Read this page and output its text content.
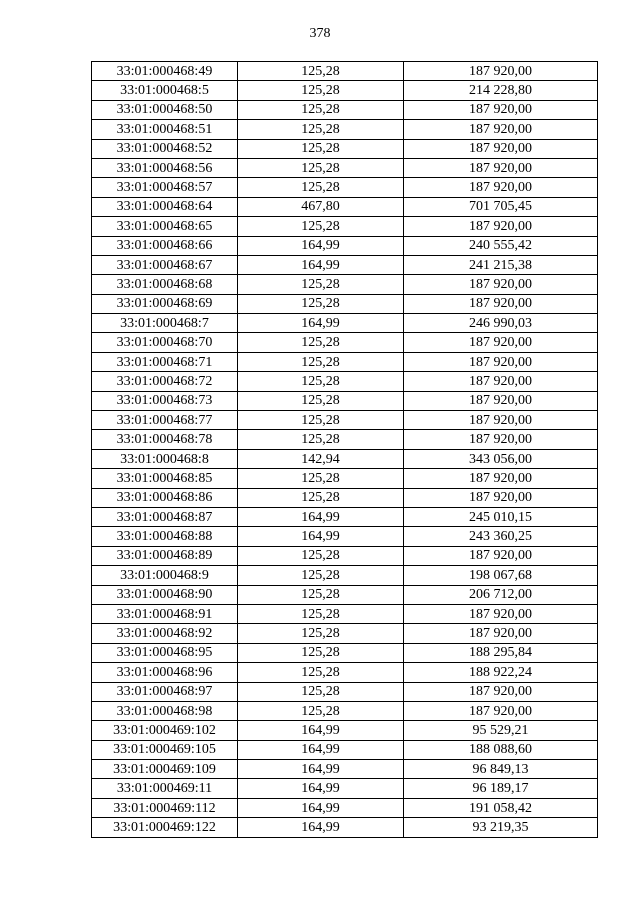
378
33:01:000468:49	125,28	187 920,00
33:01:000468:5	125,28	214 228,80
33:01:000468:50	125,28	187 920,00
33:01:000468:51	125,28	187 920,00
33:01:000468:52	125,28	187 920,00
33:01:000468:56	125,28	187 920,00
33:01:000468:57	125,28	187 920,00
33:01:000468:64	467,80	701 705,45
33:01:000468:65	125,28	187 920,00
33:01:000468:66	164,99	240 555,42
33:01:000468:67	164,99	241 215,38
33:01:000468:68	125,28	187 920,00
33:01:000468:69	125,28	187 920,00
33:01:000468:7	164,99	246 990,03
33:01:000468:70	125,28	187 920,00
33:01:000468:71	125,28	187 920,00
33:01:000468:72	125,28	187 920,00
33:01:000468:73	125,28	187 920,00
33:01:000468:77	125,28	187 920,00
33:01:000468:78	125,28	187 920,00
33:01:000468:8	142,94	343 056,00
33:01:000468:85	125,28	187 920,00
33:01:000468:86	125,28	187 920,00
33:01:000468:87	164,99	245 010,15
33:01:000468:88	164,99	243 360,25
33:01:000468:89	125,28	187 920,00
33:01:000468:9	125,28	198 067,68
33:01:000468:90	125,28	206 712,00
33:01:000468:91	125,28	187 920,00
33:01:000468:92	125,28	187 920,00
33:01:000468:95	125,28	188 295,84
33:01:000468:96	125,28	188 922,24
33:01:000468:97	125,28	187 920,00
33:01:000468:98	125,28	187 920,00
33:01:000469:102	164,99	95 529,21
33:01:000469:105	164,99	188 088,60
33:01:000469:109	164,99	96 849,13
33:01:000469:11	164,99	96 189,17
33:01:000469:112	164,99	191 058,42
33:01:000469:122	164,99	93 219,35
